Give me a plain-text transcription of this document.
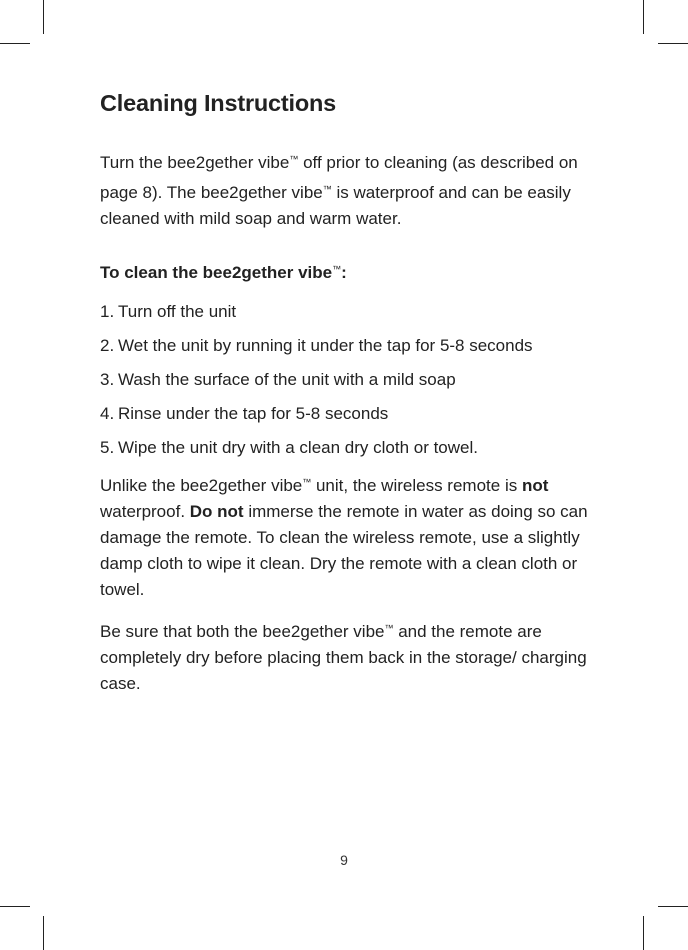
Cleaning Instructions

Turn the bee2gether vibe™ off prior to cleaning (as described on page 8). The bee2gether vibe™ is waterproof and can be easily cleaned with mild soap and warm water.

To clean the bee2gether vibe™:
1. Turn off the unit
2. Wet the unit by running it under the tap for 5-8 seconds
3. Wash the surface of the unit with a mild soap
4. Rinse under the tap for 5-8 seconds
5. Wipe the unit dry with a clean dry cloth or towel.

Unlike the bee2gether vibe™ unit, the wireless remote is not waterproof. Do not immerse the remote in water as doing so can damage the remote. To clean the wireless remote, use a slightly damp cloth to wipe it clean. Dry the remote with a clean cloth or towel.

Be sure that both the bee2gether vibe™ and the remote are completely dry before placing them back in the storage/ charging case.

9
